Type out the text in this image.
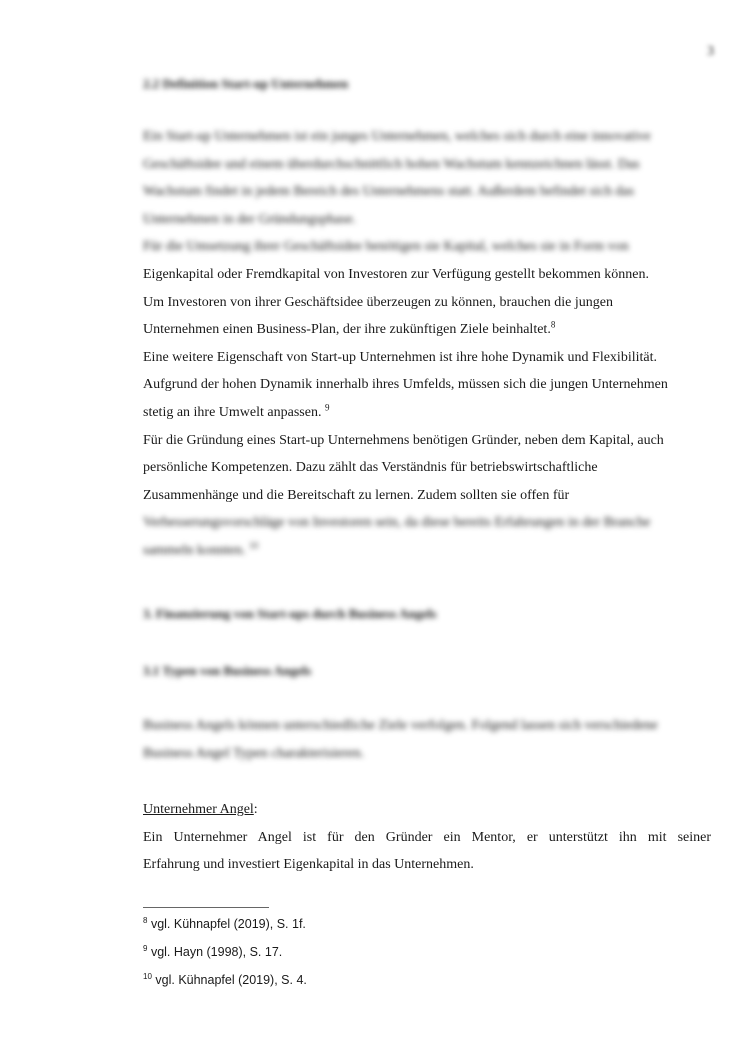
3
2.2 Definition Start-up Unternehmen
Ein Start-up Unternehmen ist ein junges Unternehmen, welches sich durch eine innovative
Geschäftsidee und einem überdurchschnittlich hohen Wachstum kennzeichnen lässt. Das
Wachstum findet in jedem Bereich des Unternehmens statt. Außerdem befindet sich das
Unternehmen in der Gründungsphase.
Für die Umsetzung ihrer Geschäftsidee benötigen sie Kapital, welches sie in Form von
Eigenkapital oder Fremdkapital von Investoren zur Verfügung gestellt bekommen können.
Um Investoren von ihrer Geschäftsidee überzeugen zu können, brauchen die jungen
Unternehmen einen Business-Plan, der ihre zukünftigen Ziele beinhaltet.$^8$
Eine weitere Eigenschaft von Start-up Unternehmen ist ihre hohe Dynamik und Flexibilität.
Aufgrund der hohen Dynamik innerhalb ihres Umfelds, müssen sich die jungen Unternehmen
stetig an ihre Umwelt anpassen. $^9$
Für die Gründung eines Start-up Unternehmens benötigen Gründer, neben dem Kapital, auch
persönliche Kompetenzen. Dazu zählt das Verständnis für betriebswirtschaftliche
Zusammenhänge und die Bereitschaft zu lernen. Zudem sollten sie offen für
Verbesserungsvorschläge von Investoren sein, da diese bereits Erfahrungen in der Branche
sammeln konnten. $^{10}$
3. Finanzierung von Start-ups durch Business Angels
3.1 Typen von Business Angels
Business Angels können unterschiedliche Ziele verfolgen. Folgend lassen sich verschiedene
Business Angel Typen charakterisieren.
Unternehmer Angel:
Ein Unternehmer Angel ist für den Gründer ein Mentor, er unterstützt ihn mit seiner
Erfahrung und investiert Eigenkapital in das Unternehmen.
$^8$ vgl. Kühnapfel (2019), S. 1f.
$^9$ vgl. Hayn (1998), S. 17.
$^{10}$ vgl. Kühnapfel (2019), S. 4.
